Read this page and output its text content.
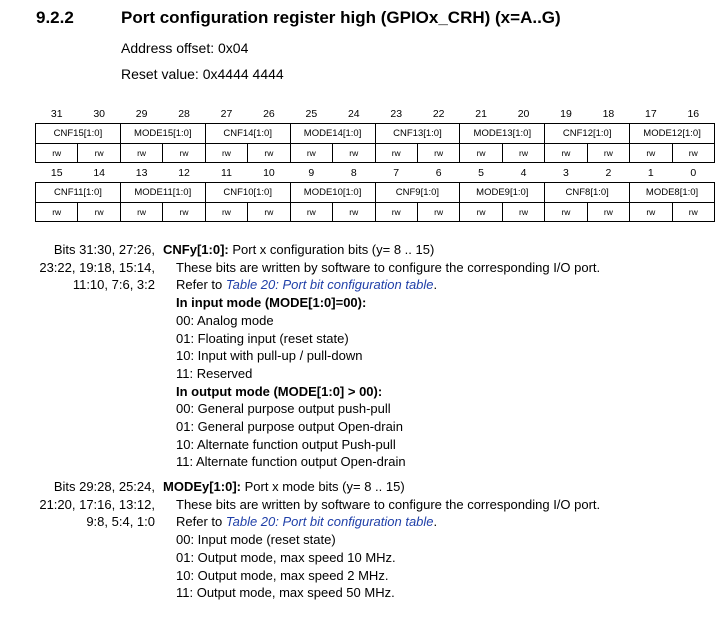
9.2.2	Port configuration register high (GPIOx_CRH) (x=A..G)
Address offset: 0x04
Reset value: 0x4444 4444
31	30	29	28	27	26	25	24	23	22	21	20	19	18	17	16
CNF15[1:0]		MODE15[1:0]		CNF14[1:0]		MODE14[1:0]		CNF13[1:0]		MODE13[1:0]		CNF12[1:0]		MODE12[1:0]	
rw	rw	rw	rw	rw	rw	rw	rw	rw	rw	rw	rw	rw	rw	rw	rw
15	14	13	12	11	10	9	8	7	6	5	4	3	2	1	0
CNF11[1:0]		MODE11[1:0]		CNF10[1:0]		MODE10[1:0]		CNF9[1:0]		MODE9[1:0]		CNF8[1:0]		MODE8[1:0]	
rw	rw	rw	rw	rw	rw	rw	rw	rw	rw	rw	rw	rw	rw	rw	rw
Bits 31:30, 27:26,
23:22, 19:18, 15:14,
11:10, 7:6, 3:2
CNFy[1:0]: Port x configuration bits (y= 8 .. 15)
These bits are written by software to configure the corresponding I/O port.
Refer to Table 20: Port bit configuration table.
In input mode (MODE[1:0]=00):
00: Analog mode
01: Floating input (reset state)
10: Input with pull-up / pull-down
11: Reserved
In output mode (MODE[1:0] > 00):
00: General purpose output push-pull
01: General purpose output Open-drain
10: Alternate function output Push-pull
11: Alternate function output Open-drain
Bits 29:28, 25:24,
21:20, 17:16, 13:12,
9:8, 5:4, 1:0
MODEy[1:0]: Port x mode bits (y= 8 .. 15)
These bits are written by software to configure the corresponding I/O port.
Refer to Table 20: Port bit configuration table.
00: Input mode (reset state)
01: Output mode, max speed 10 MHz.
10: Output mode, max speed 2 MHz.
11: Output mode, max speed 50 MHz.
